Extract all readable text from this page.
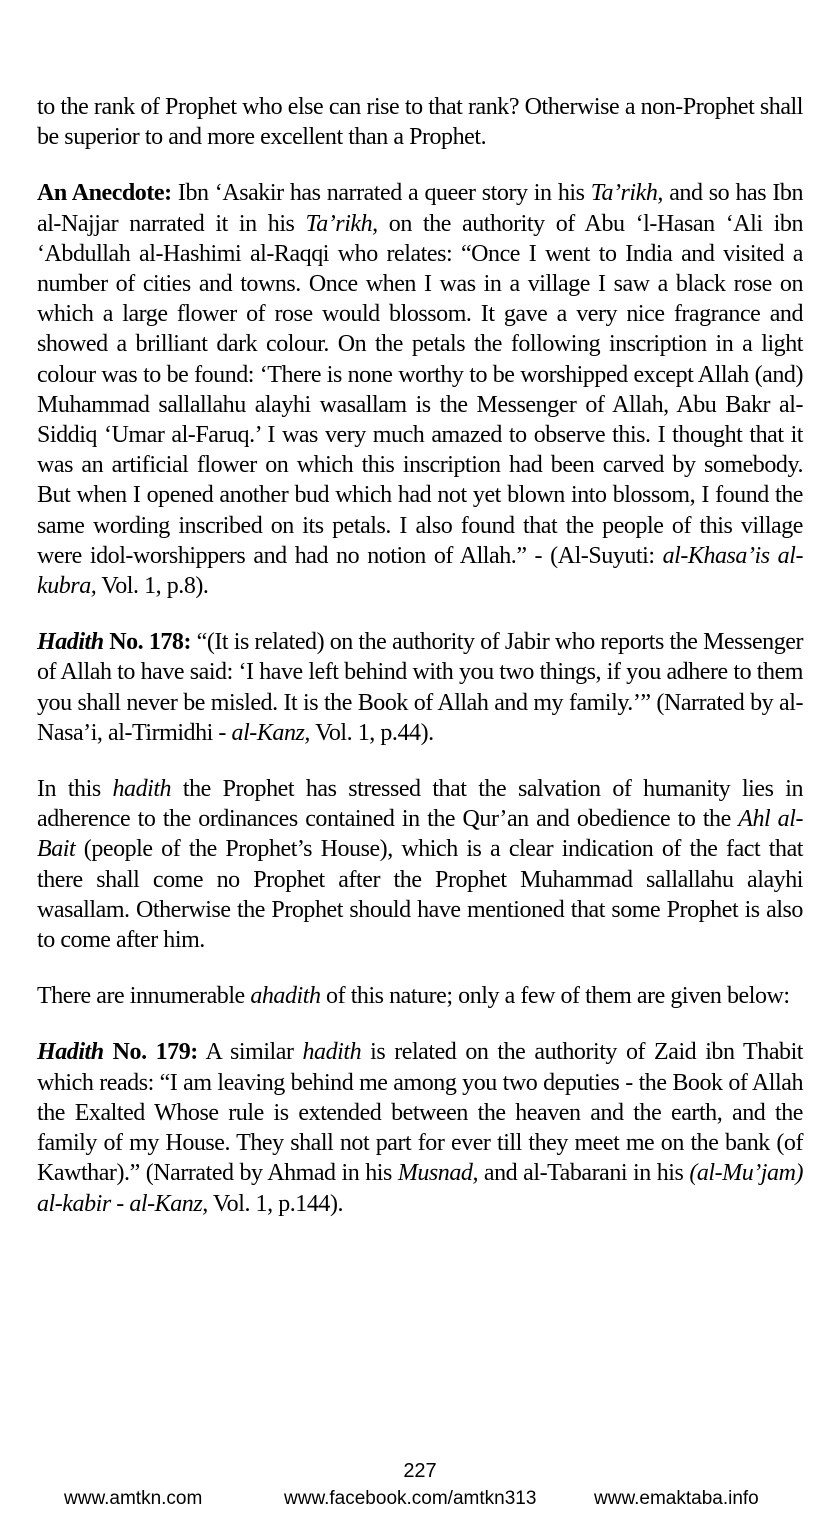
to the rank of Prophet who else can rise to that rank? Otherwise a non-Prophet shall be superior to and more excellent than a Prophet.

An Anecdote: Ibn ‘Asakir has narrated a queer story in his Ta’rikh, and so has Ibn al-Najjar narrated it in his Ta’rikh, on the authority of Abu ‘l-Hasan ‘Ali ibn ‘Abdullah al-Hashimi al-Raqqi who relates: “Once I went to India and visited a number of cities and towns. Once when I was in a village I saw a black rose on which a large flower of rose would blossom. It gave a very nice fragrance and showed a brilliant dark colour. On the petals the following inscription in a light colour was to be found: ‘There is none worthy to be worshipped except Allah (and) Muhammad sallallahu alayhi wasallam is the Messenger of Allah, Abu Bakr al-Siddiq ‘Umar al-Faruq.’ I was very much amazed to observe this. I thought that it was an artificial flower on which this inscription had been carved by somebody. But when I opened another bud which had not yet blown into blossom, I found the same wording inscribed on its petals. I also found that the people of this village were idol-worshippers and had no notion of Allah.” - (Al-Suyuti: al-Khasa’is al-kubra, Vol. 1, p.8).

Hadith No. 178: “(It is related) on the authority of Jabir who reports the Messenger of Allah to have said: ‘I have left behind with you two things, if you adhere to them you shall never be misled. It is the Book of Allah and my family.’” (Narrated by al-Nasa’i, al-Tirmidhi - al-Kanz, Vol. 1, p.44).

In this hadith the Prophet has stressed that the salvation of humanity lies in adherence to the ordinances contained in the Qur’an and obedience to the Ahl al-Bait (people of the Prophet’s House), which is a clear indication of the fact that there shall come no Prophet after the Prophet Muhammad sallallahu alayhi wasallam. Otherwise the Prophet should have mentioned that some Prophet is also to come after him.

There are innumerable ahadith of this nature; only a few of them are given below:

Hadith No. 179: A similar hadith is related on the authority of Zaid ibn Thabit which reads: “I am leaving behind me among you two deputies - the Book of Allah the Exalted Whose rule is extended between the heaven and the earth, and the family of my House. They shall not part for ever till they meet me on the bank (of Kawthar).” (Narrated by Ahmad in his Musnad, and al-Tabarani in his (al-Mu’jam) al-kabir - al-Kanz, Vol. 1, p.144).

227
www.amtkn.com	www.facebook.com/amtkn313	www.emaktaba.info
